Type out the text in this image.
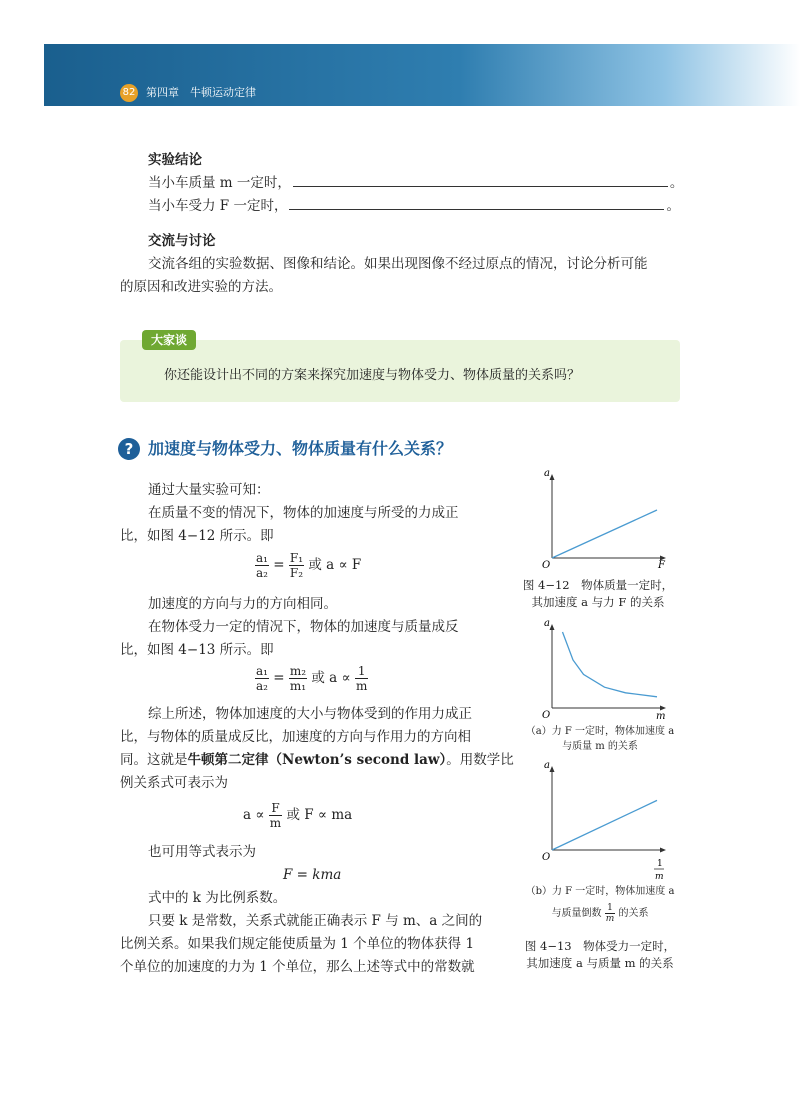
82 第四章　牛顿运动定律
实验结论
当小车质量 m 一定时，	。
当小车受力 F 一定时，	。
交流与讨论
交流各组的实验数据、图像和结论。如果出现图像不经过原点的情况，讨论分析可能
的原因和改进实验的方法。
大家谈
你还能设计出不同的方案来探究加速度与物体受力、物体质量的关系吗？
? 加速度与物体受力、物体质量有什么关系？
通过大量实验可知：
在质量不变的情况下，物体的加速度与所受的力成正
比，如图 4−12 所示。即
$\frac{\text{a₁}}{\text{a₂}} = \frac{\text{F₁}}{\text{F₂}}$ 或 a ∝ F
加速度的方向与力的方向相同。
在物体受力一定的情况下，物体的加速度与质量成反
比，如图 4−13 所示。即
$\frac{\text{a₁}}{\text{a₂}} = \frac{\text{m₂}}{\text{m₁}}$ 或 $a \propto \frac{1}{m}$
综上所述，物体加速度的大小与物体受到的作用力成正
比，与物体的质量成反比，加速度的方向与作用力的方向相
同。这就是牛顿第二定律（Newton’s second law）。用数学比
例关系式可表示为
$a \propto \frac{F}{m}$ 或 F ∝ ma
也可用等式表示为
F = kma
式中的 k 为比例系数。
只要 k 是常数，关系式就能正确表示 F 与 m、a 之间的
比例关系。如果我们规定能使质量为 1 个单位的物体获得 1
个单位的加速度的力为 1 个单位，那么上述等式中的常数就
a
O	F
图 4−12　物体质量一定时，
其加速度 a 与力 F 的关系
a
O	m
（a）力 F 一定时，物体加速度 a
与质量 m 的关系
a
O
1
m
（b）力 F 一定时，物体加速度 a
与质量倒数 $\frac{1}{m}$ 的关系
图 4−13　物体受力一定时，
其加速度 a 与质量 m 的关系
